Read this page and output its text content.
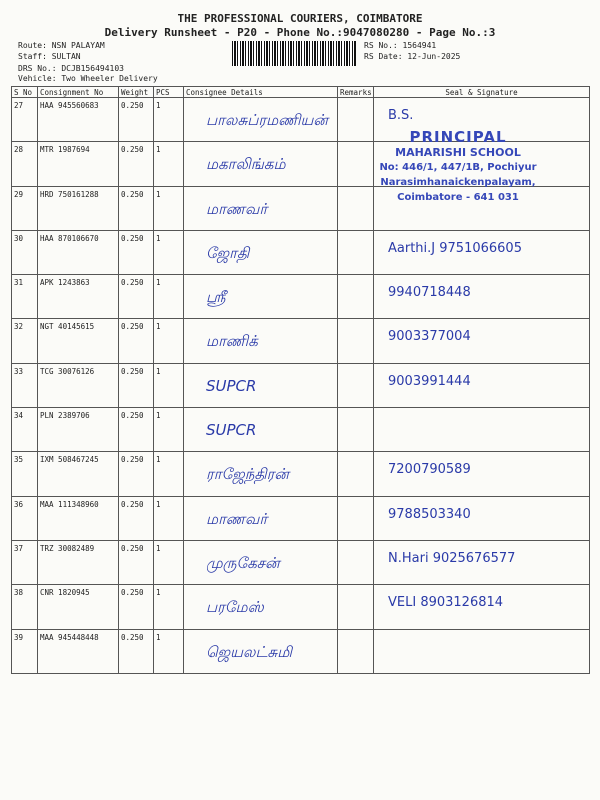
THE PROFESSIONAL COURIERS, COIMBATORE
Delivery Runsheet - P20 - Phone No.:9047080280 - Page No.:3
Route: NSN PALAYAM
Staff: SULTAN
DRS No.: DCJB156494103
Vehicle: Two Wheeler Delivery
RS No.: 1564941
RS Date: 12-Jun-2025
S No	Consignment No	Weight	PCS	Consignee Details	Remarks	Seal & Signature
27	HAA 945560683	0.250	1	பாலசுப்ரமணியன்		B.S.

28	MTR 1987694	0.250	1	மகாலிங்கம்		

29	HRD 750161288	0.250	1	மாணவர்		

30	HAA 870106670	0.250	1	ஜோதி		Aarthi.J 9751066605

31	APK 1243863	0.250	1	ஸ்ரீ		9940718448

32	NGT 40145615	0.250	1	மாணிக்		9003377004

33	TCG 30076126	0.250	1	SUPCR		9003991444

34	PLN 2389706	0.250	1	SUPCR		

35	IXM 508467245	0.250	1	ராஜேந்திரன்		7200790589

36	MAA 111348960	0.250	1	மாணவர்		9788503340

37	TRZ 30082489	0.250	1	முருகேசன்		N.Hari 9025676577

38	CNR 1820945	0.250	1	பரமேஸ்		VELI 8903126814

39	MAA 945448448	0.250	1	ஜெயலட்சுமி		

PRINCIPAL
MAHARISHI SCHOOL
No: 446/1, 447/1B, Pochiyur
Narasimhanaickenpalayam,
Coimbatore - 641 031
